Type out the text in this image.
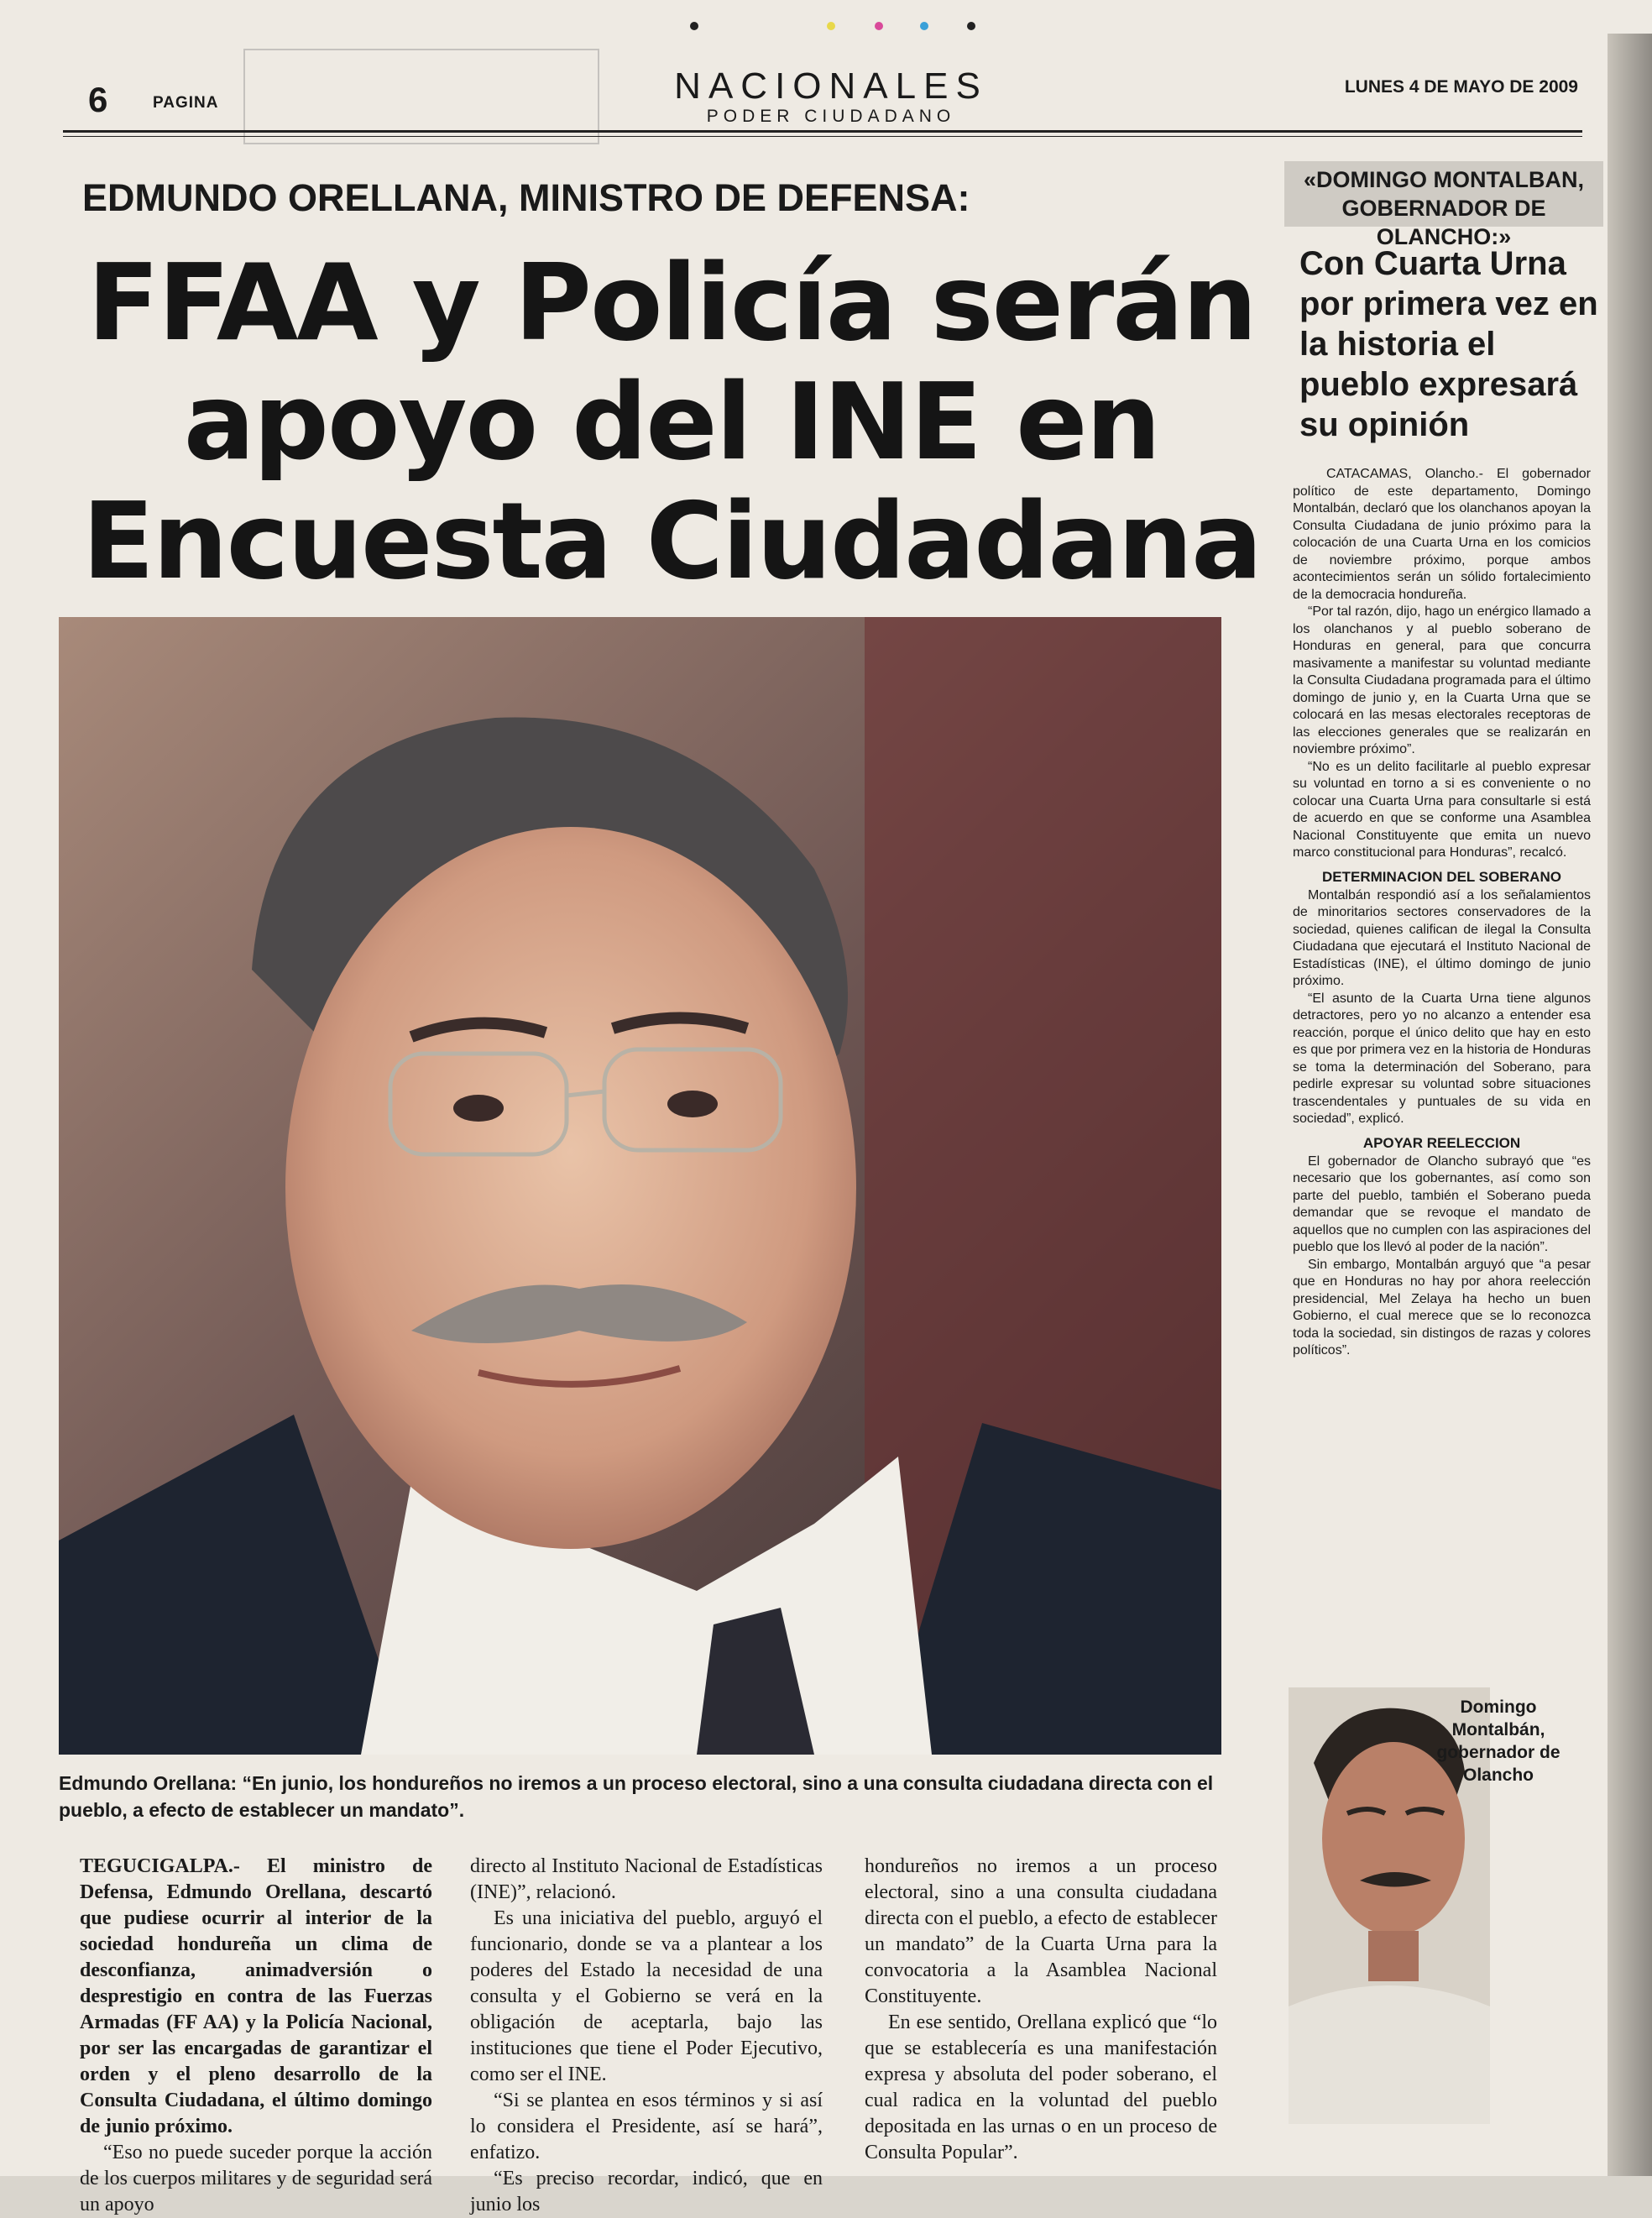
6	PAGINA	NACIONALES
PODER CIUDADANO
LUNES 4 DE MAYO DE 2009
EDMUNDO ORELLANA, MINISTRO DE DEFENSA:
FFAA y Policía serán
apoyo del INE en
Encuesta Ciudadana
Edmundo Orellana: “En junio, los hondureños no iremos a un proceso electoral, sino a una consulta ciudadana directa con el pueblo, a efecto de establecer un mandato”.

TEGUCIGALPA.- El ministro de Defensa, Edmundo Orellana, descartó que pudiese ocurrir al interior de la sociedad hondureña un clima de desconfianza, animadversión o desprestigio en contra de las Fuerzas Armadas (FF AA) y la Policía Nacional, por ser las encargadas de garantizar el orden y el pleno desarrollo de la Consulta Ciudadana, el último domingo de junio próximo.

“Eso no puede suceder porque la acción de los cuerpos militares y de seguridad será un apoyo

directo al Instituto Nacional de Estadísticas (INE)”, relacionó.

Es una iniciativa del pueblo, arguyó el funcionario, donde se va a plantear a los poderes del Estado la necesidad de una consulta y el Gobierno se verá en la obligación de aceptarla, bajo las instituciones que tiene el Poder Ejecutivo, como ser el INE.

“Si se plantea en esos términos y si así lo considera el Presidente, así se hará”, enfatizo.

“Es preciso recordar, indicó, que en junio los

hondureños no iremos a un proceso electoral, sino a una consulta ciudadana directa con el pueblo, a efecto de establecer un mandato” de la Cuarta Urna para la convocatoria a la Asamblea Nacional Constituyente.

En ese sentido, Orellana explicó que “lo que se establecería es una manifestación expresa y absoluta del poder soberano, el cual radica en la voluntad del pueblo depositada en las urnas o en un proceso de Consulta Popular”.

«DOMINGO MONTALBAN, GOBERNADOR DE OLANCHO:»
Con Cuarta Urna por primera vez en la historia el pueblo expresará su opinión

CATACAMAS, Olancho.- El gobernador político de este departamento, Domingo Montalbán, declaró que los olanchanos apoyan la Consulta Ciudadana de junio próximo para la colocación de una Cuarta Urna en los comicios de noviembre próximo, porque ambos acontecimientos serán un sólido fortalecimiento de la democracia hondureña.

“Por tal razón, dijo, hago un enérgico llamado a los olanchanos y al pueblo soberano de Honduras en general, para que concurra masivamente a manifestar su voluntad mediante la Consulta Ciudadana programada para el último domingo de junio y, en la Cuarta Urna que se colocará en las mesas electorales receptoras de las elecciones generales que se realizarán en noviembre próximo”.

“No es un delito facilitarle al pueblo expresar su voluntad en torno a si es conveniente o no colocar una Cuarta Urna para consultarle si está de acuerdo en que se conforme una Asamblea Nacional Constituyente que emita un nuevo marco constitucional para Honduras”, recalcó.

DETERMINACION DEL SOBERANO

Montalbán respondió así a los señalamientos de minoritarios sectores conservadores de la sociedad, quienes califican de ilegal la Consulta Ciudadana que ejecutará el Instituto Nacional de Estadísticas (INE), el último domingo de junio próximo.

“El asunto de la Cuarta Urna tiene algunos detractores, pero yo no alcanzo a entender esa reacción, porque el único delito que hay en esto es que por primera vez en la historia de Honduras se toma la determinación del Soberano, para pedirle expresar su voluntad sobre situaciones trascendentales y puntuales de su vida en sociedad”, explicó.

APOYAR REELECCION

El gobernador de Olancho subrayó que “es necesario que los gobernantes, así como son parte del pueblo, también el Soberano pueda demandar que se revoque el mandato de aquellos que no cumplen con las aspiraciones del pueblo que los llevó al poder de la nación”.

Sin embargo, Montalbán arguyó que “a pesar que en Honduras no hay por ahora reelección presidencial, Mel Zelaya ha hecho un buen Gobierno, el cual merece que se lo reconozca toda la sociedad, sin distingos de razas y colores políticos”.

Domingo Montalbán, gobernador de Olancho
